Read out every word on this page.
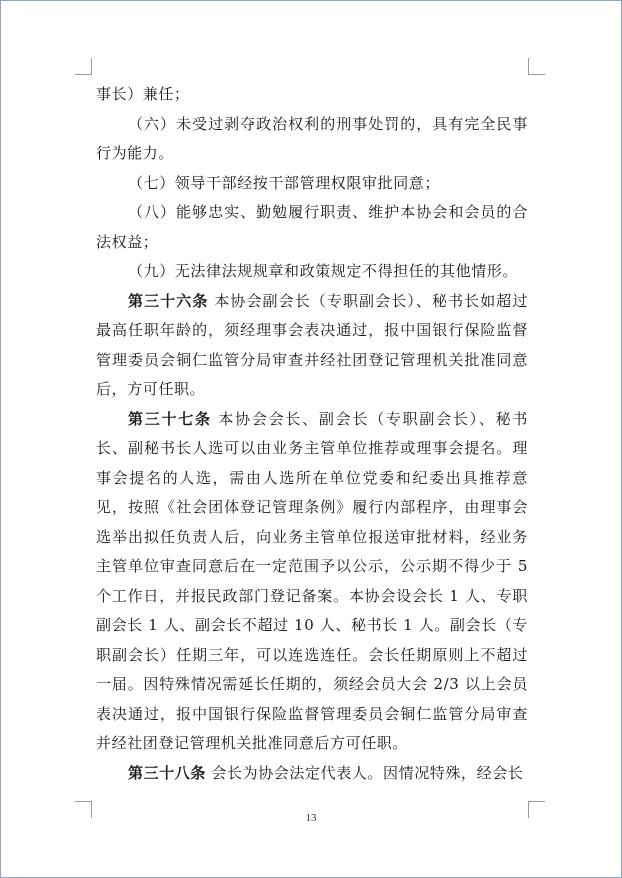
事长）兼任；

（六）未受过剥夺政治权利的刑事处罚的，具有完全民事行为能力。

（七）领导干部经按干部管理权限审批同意；

（八）能够忠实、勤勉履行职责、维护本协会和会员的合法权益；

（九）无法律法规规章和政策规定不得担任的其他情形。

第三十六条 本协会副会长（专职副会长）、秘书长如超过最高任职年龄的，须经理事会表决通过，报中国银行保险监督管理委员会铜仁监管分局审查并经社团登记管理机关批准同意后，方可任职。

第三十七条 本协会会长、副会长（专职副会长）、秘书长、副秘书长人选可以由业务主管单位推荐或理事会提名。理事会提名的人选，需由人选所在单位党委和纪委出具推荐意见，按照《社会团体登记管理条例》履行内部程序，由理事会选举出拟任负责人后，向业务主管单位报送审批材料，经业务主管单位审查同意后在一定范围予以公示，公示期不得少于 5 个工作日，并报民政部门登记备案。本协会设会长 1 人、专职副会长 1 人、副会长不超过 10 人、秘书长 1 人。副会长（专职副会长）任期三年，可以连选连任。会长任期原则上不超过一届。因特殊情况需延长任期的，须经会员大会 2/3 以上会员表决通过，报中国银行保险监督管理委员会铜仁监管分局审查并经社团登记管理机关批准同意后方可任职。

第三十八条 会长为协会法定代表人。因情况特殊，经会长

13
